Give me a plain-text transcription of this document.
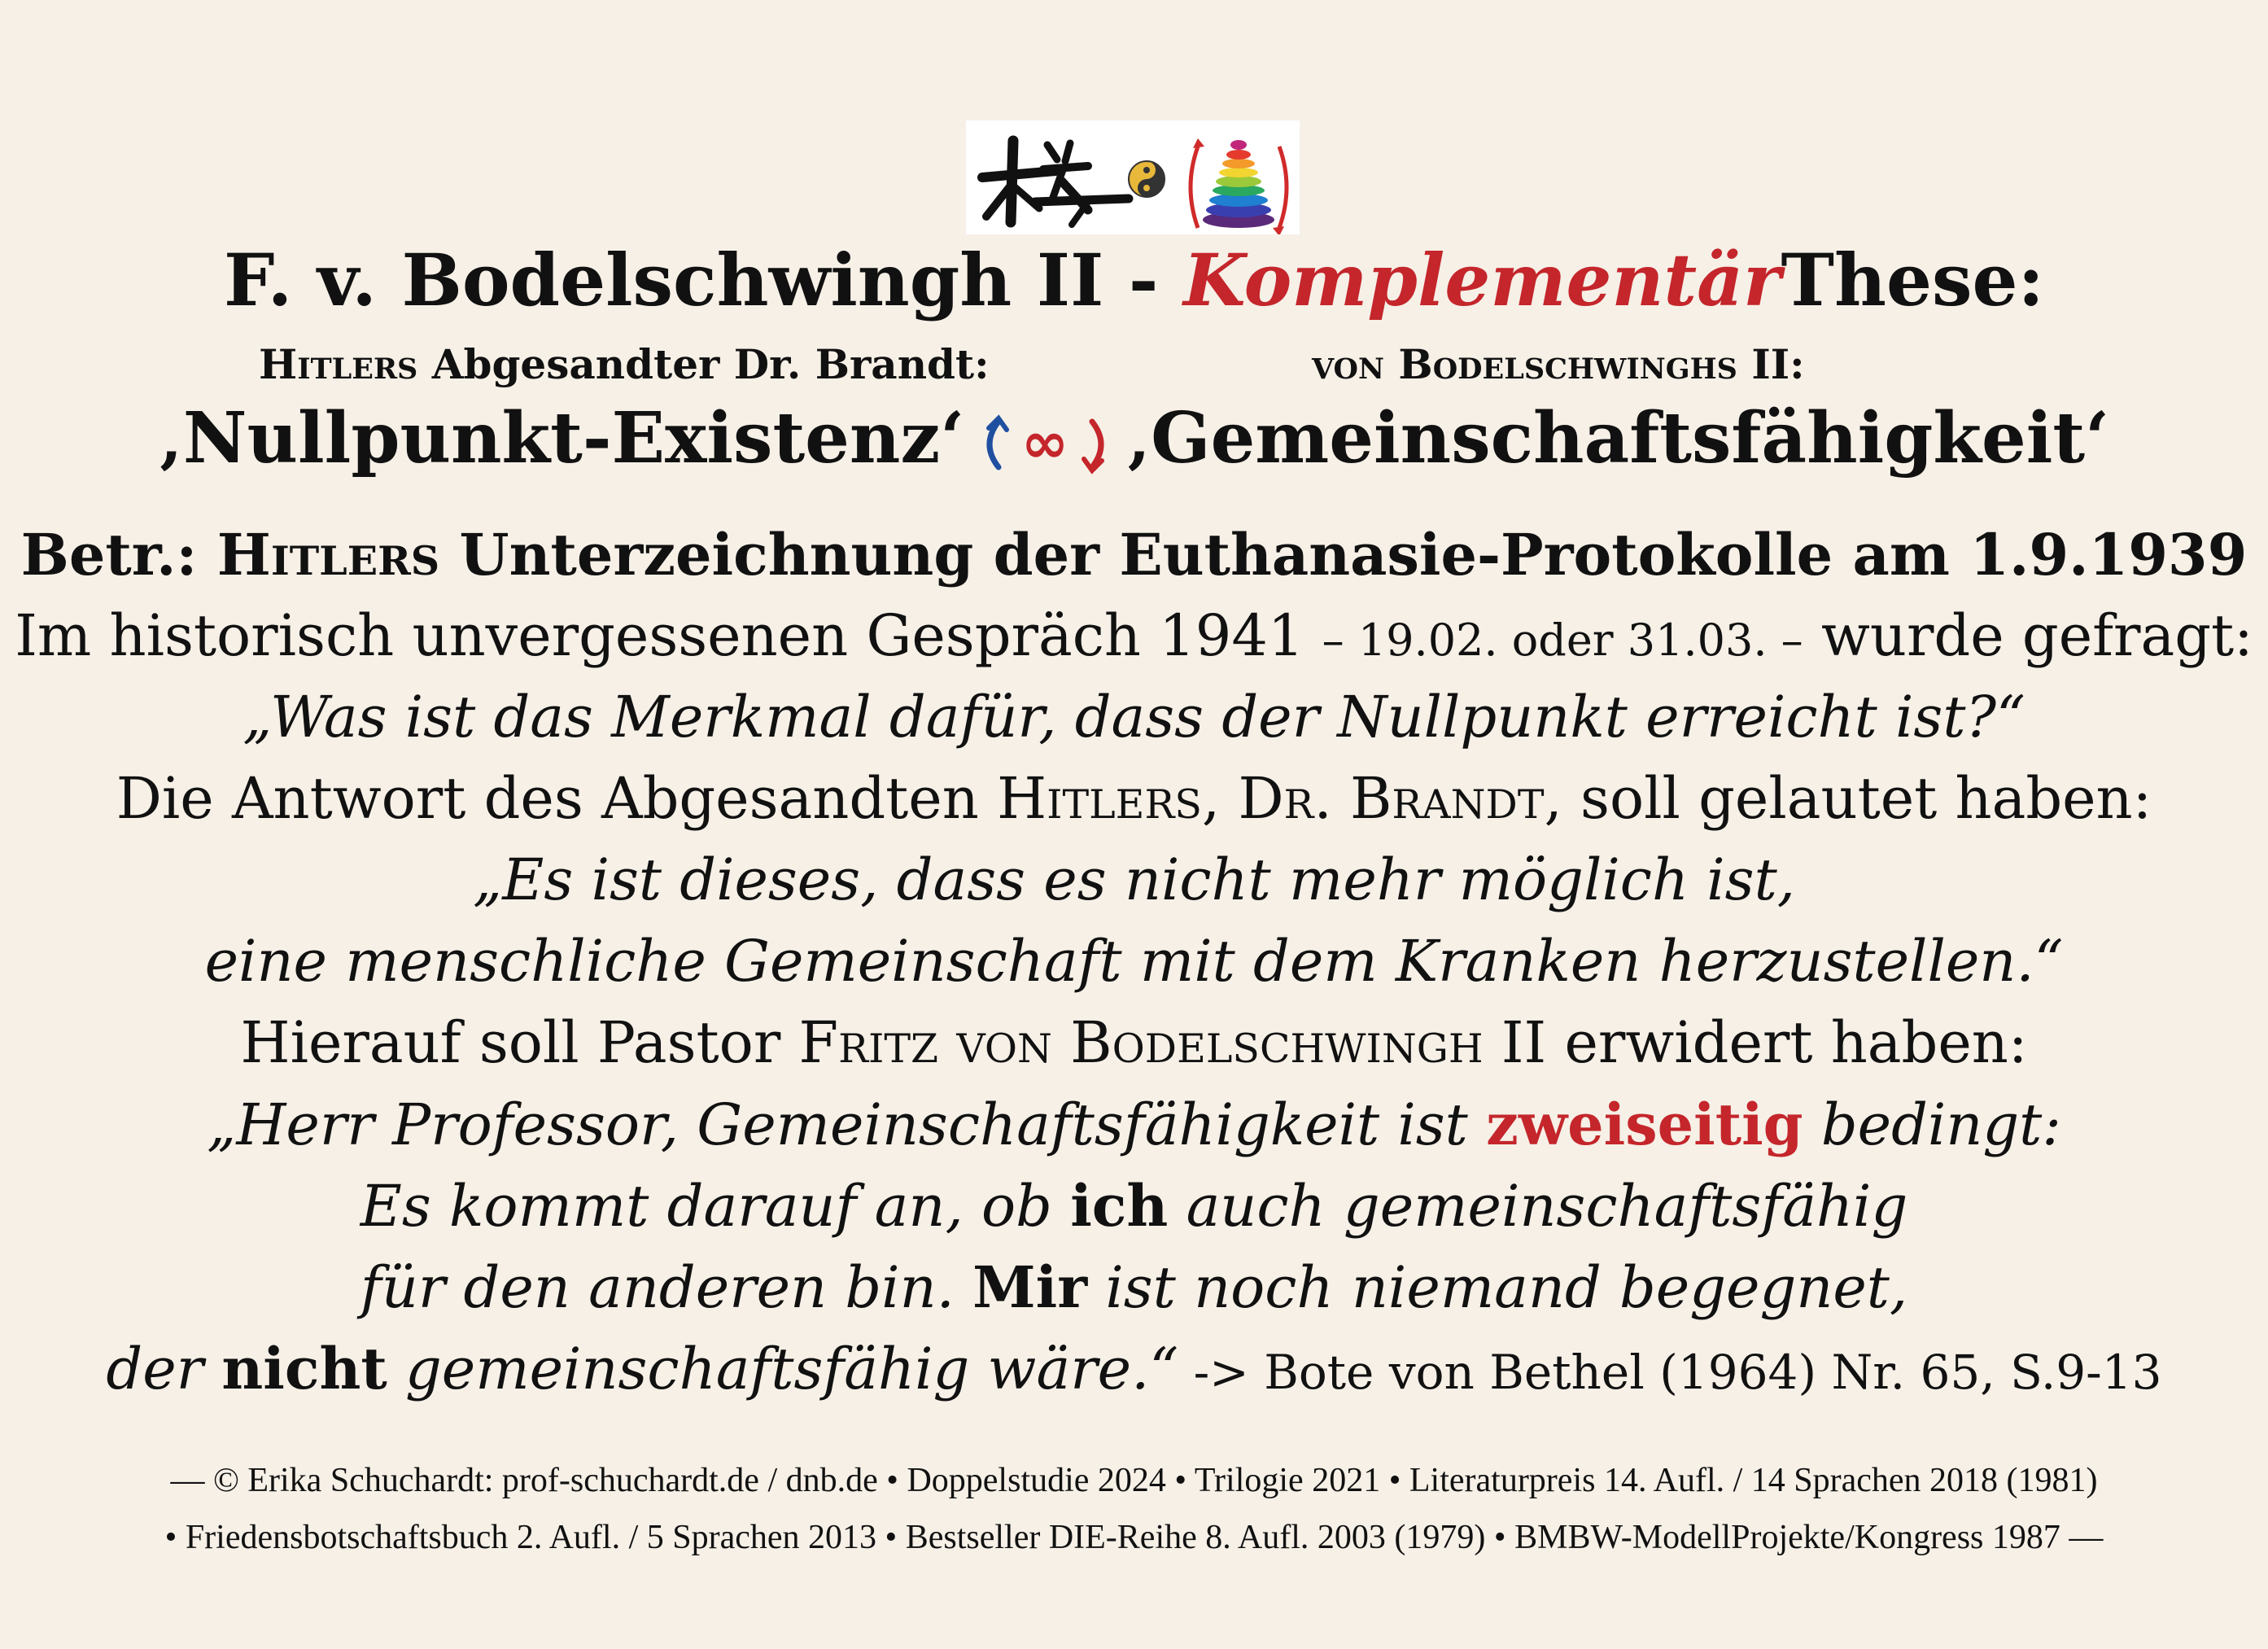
F. v. Bodelschwingh II - KomplementärThese:
Hitlers Abgesandter Dr. Brandt:	von Bodelschwinghs II:
‚Nullpunkt-Existenz‘ ∞ ‚Gemeinschaftsfähigkeit‘
Betr.: Hitlers Unterzeichnung der Euthanasie-Protokolle am 1.9.1939
Im historisch unvergessenen Gespräch 1941 – 19.02. oder 31.03. – wurde gefragt:
„Was ist das Merkmal dafür, dass der Nullpunkt erreicht ist?“
Die Antwort des Abgesandten Hitlers, Dr. Brandt, soll gelautet haben:
„Es ist dieses, dass es nicht mehr möglich ist,
eine menschliche Gemeinschaft mit dem Kranken herzustellen.“
Hierauf soll Pastor Fritz von Bodelschwingh II erwidert haben:
„Herr Professor, Gemeinschaftsfähigkeit ist zweiseitig bedingt:
Es kommt darauf an, ob ich auch gemeinschaftsfähig
für den anderen bin. Mir ist noch niemand begegnet,
der nicht gemeinschaftsfähig wäre.“ -> Bote von Bethel (1964) Nr. 65, S.9-13
— © Erika Schuchardt: prof-schuchardt.de / dnb.de • Doppelstudie 2024 • Trilogie 2021 • Literaturpreis 14. Aufl. / 14 Sprachen 2018 (1981)
• Friedensbotschaftsbuch 2. Aufl. / 5 Sprachen 2013 • Bestseller DIE-Reihe 8. Aufl. 2003 (1979) • BMBW-ModellProjekte/Kongress 1987 —
